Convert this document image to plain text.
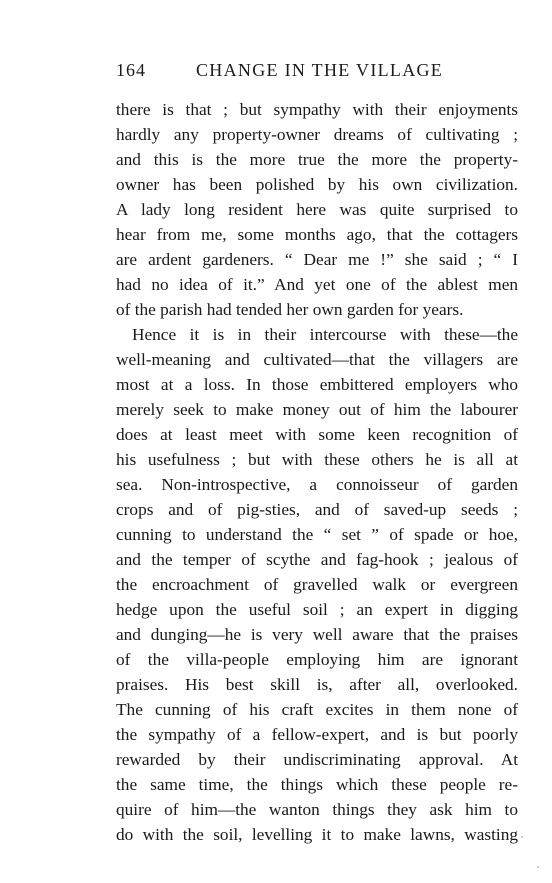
164	CHANGE IN THE VILLAGE
there is that ; but sympathy with their enjoyments
hardly any property-owner dreams of cultivating ;
and this is the more true the more the property-
owner has been polished by his own civilization.
A lady long resident here was quite surprised to
hear from me, some months ago, that the cottagers
are ardent gardeners. “ Dear me !” she said ; “ I
had no idea of it.” And yet one of the ablest men
of the parish had tended her own garden for years.
Hence it is in their intercourse with these—the
well-meaning and cultivated—that the villagers are
most at a loss. In those embittered employers who
merely seek to make money out of him the labourer
does at least meet with some keen recognition of
his usefulness ; but with these others he is all at
sea. Non-introspective, a connoisseur of garden
crops and of pig-sties, and of saved-up seeds ;
cunning to understand the “ set ” of spade or hoe,
and the temper of scythe and fag-hook ; jealous of
the encroachment of gravelled walk or evergreen
hedge upon the useful soil ; an expert in digging
and dunging—he is very well aware that the praises
of the villa-people employing him are ignorant
praises. His best skill is, after all, overlooked.
The cunning of his craft excites in them none of
the sympathy of a fellow-expert, and is but poorly
rewarded by their undiscriminating approval. At
the same time, the things which these people re-
quire of him—the wanton things they ask him to
do with the soil, levelling it to make lawns, wasting
